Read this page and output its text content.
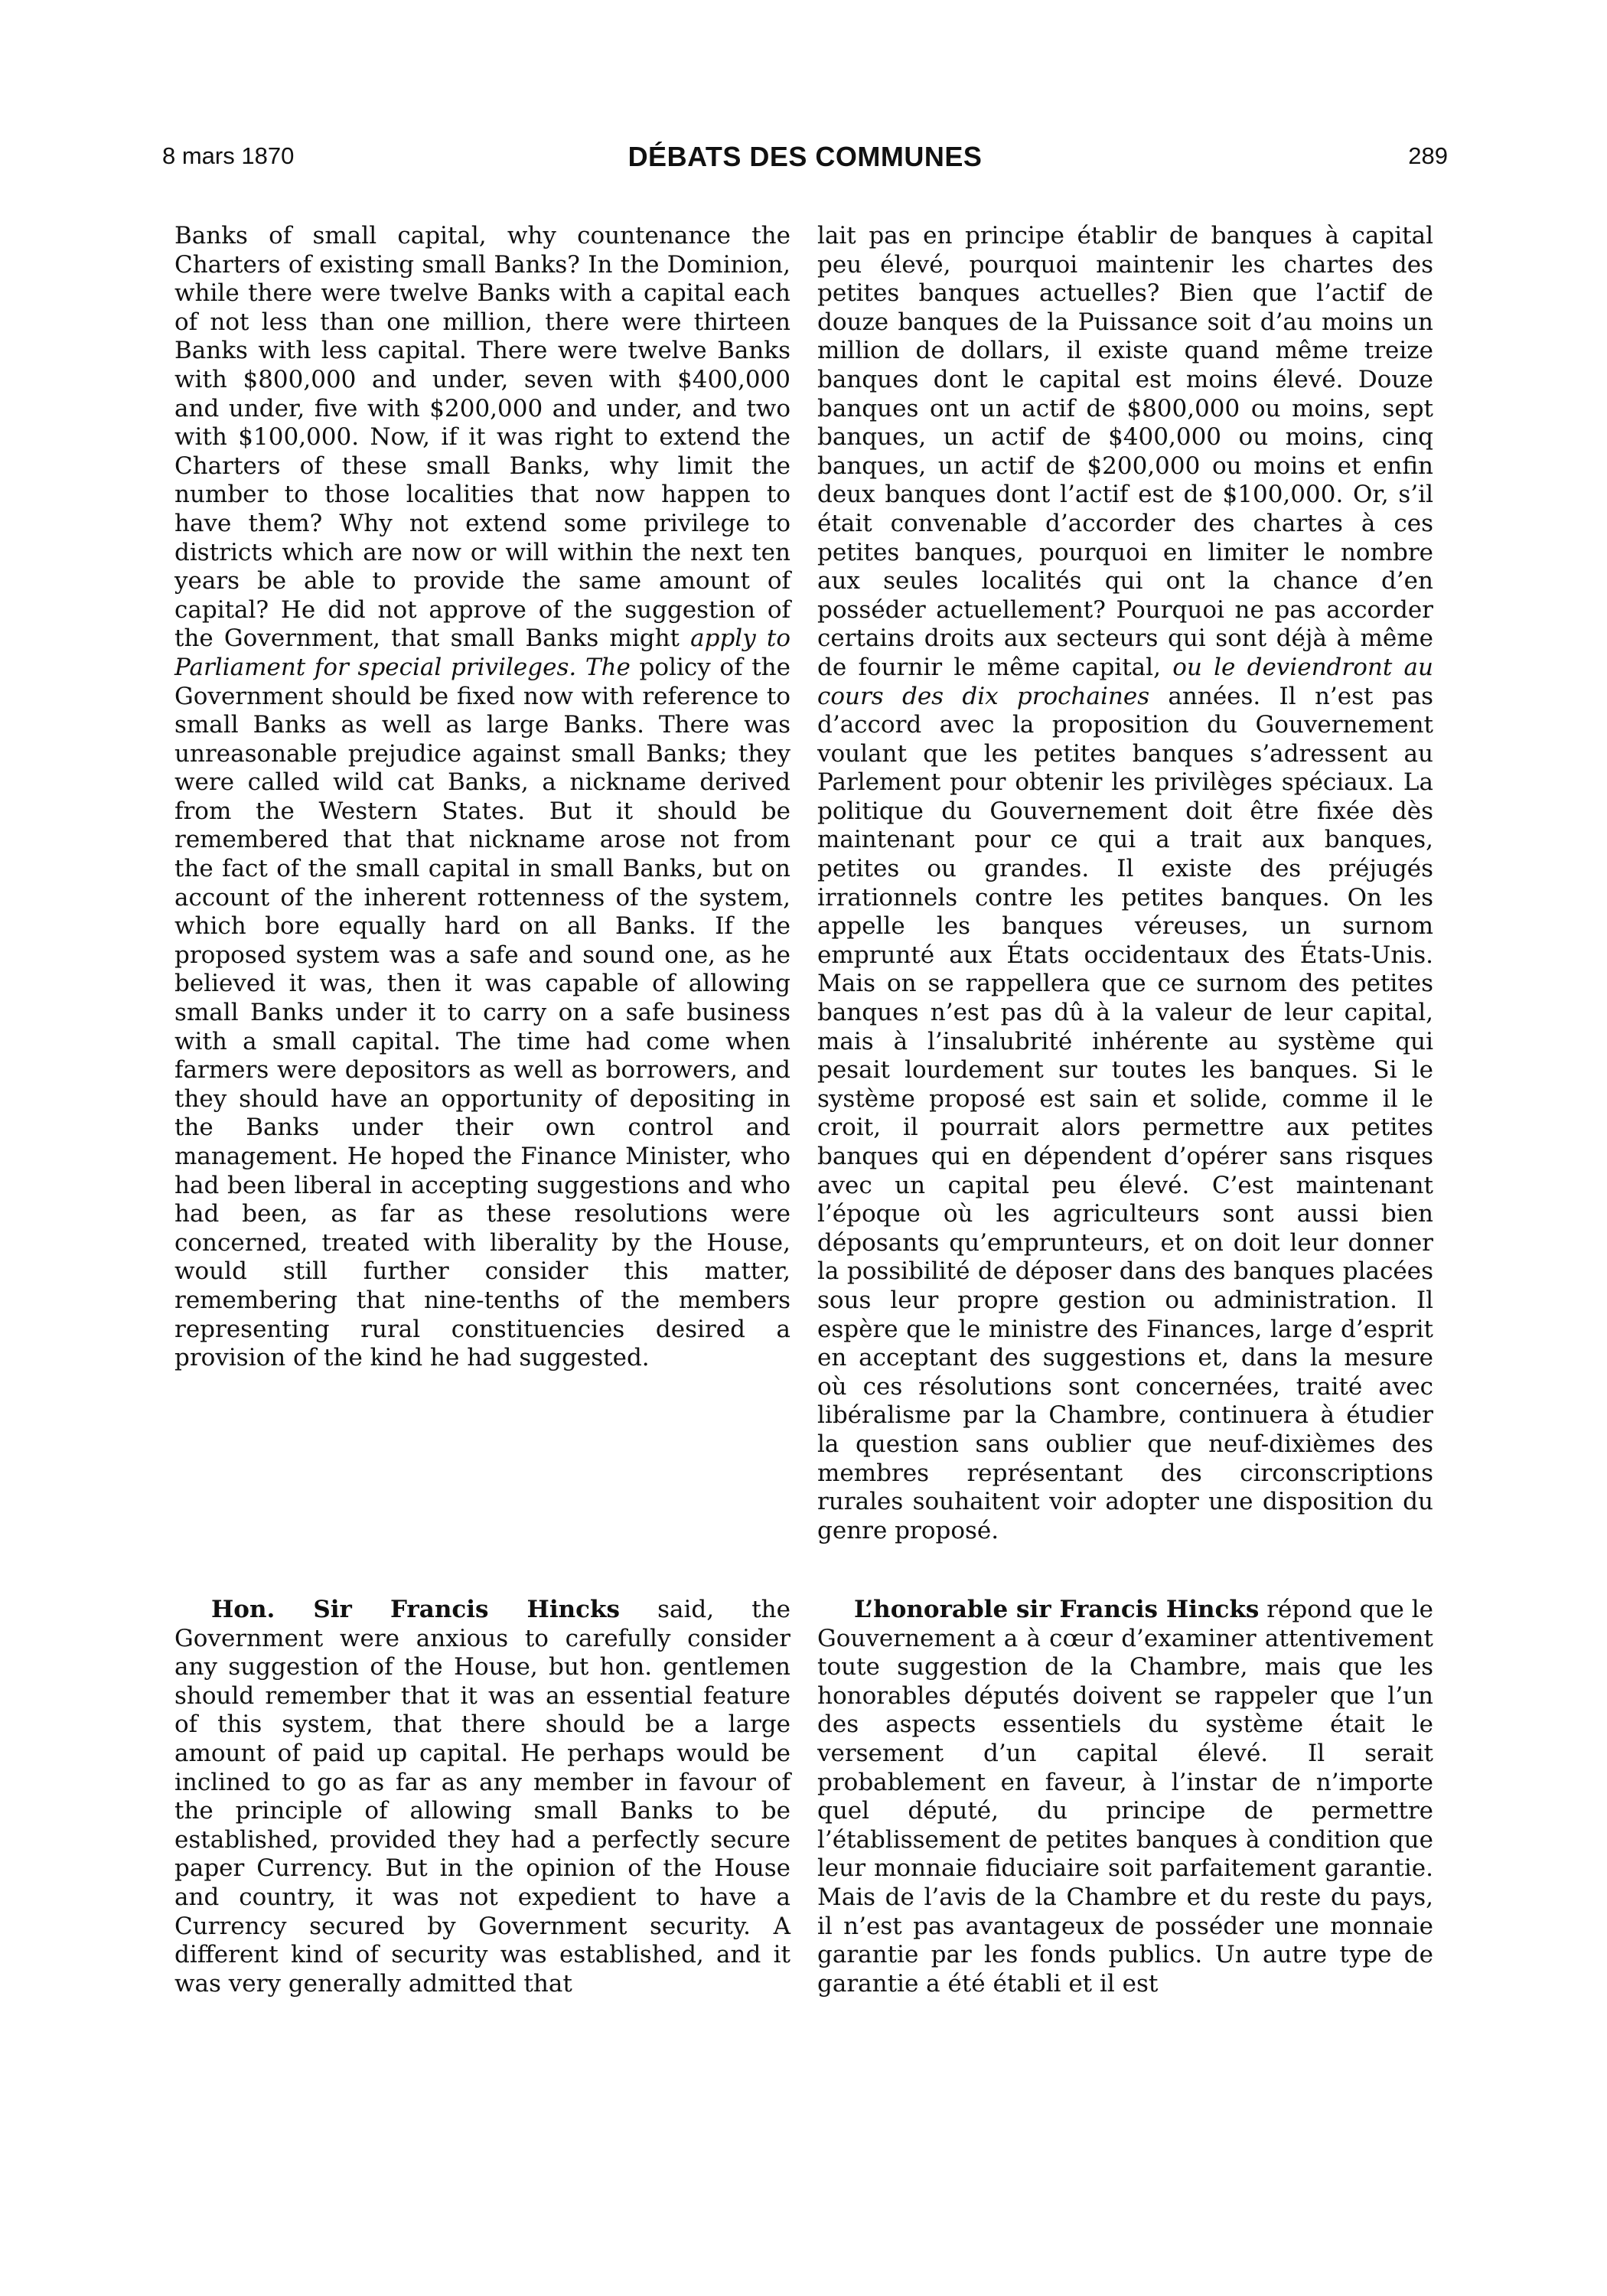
8 mars 1870	DÉBATS DES COMMUNES	289

Banks of small capital, why countenance the Charters of existing small Banks? In the Dominion, while there were twelve Banks with a capital each of not less than one million, there were thirteen Banks with less capital. There were twelve Banks with $800,000 and under, seven with $400,000 and under, five with $200,000 and under, and two with $100,000. Now, if it was right to extend the Charters of these small Banks, why limit the number to those localities that now happen to have them? Why not extend some privilege to districts which are now or will within the next ten years be able to provide the same amount of capital? He did not approve of the suggestion of the Government, that small Banks might apply to Parliament for special privileges. The policy of the Government should be fixed now with reference to small Banks as well as large Banks. There was unreasonable prejudice against small Banks; they were called wild cat Banks, a nickname derived from the Western States. But it should be remembered that that nickname arose not from the fact of the small capital in small Banks, but on account of the inherent rottenness of the system, which bore equally hard on all Banks. If the proposed system was a safe and sound one, as he believed it was, then it was capable of allowing small Banks under it to carry on a safe business with a small capital. The time had come when farmers were depositors as well as borrowers, and they should have an opportunity of depositing in the Banks under their own control and management. He hoped the Finance Minister, who had been liberal in accepting suggestions and who had been, as far as these resolutions were concerned, treated with liberality by the House, would still further consider this matter, remembering that nine-tenths of the members representing rural constituencies desired a provision of the kind he had suggested.

lait pas en principe établir de banques à capital peu élevé, pourquoi maintenir les chartes des petites banques actuelles? Bien que l’actif de douze banques de la Puissance soit d’au moins un million de dollars, il existe quand même treize banques dont le capital est moins élevé. Douze banques ont un actif de $800,000 ou moins, sept banques, un actif de $400,000 ou moins, cinq banques, un actif de $200,000 ou moins et enfin deux banques dont l’actif est de $100,000. Or, s’il était convenable d’accorder des chartes à ces petites banques, pourquoi en limiter le nombre aux seules localités qui ont la chance d’en posséder actuellement? Pourquoi ne pas accorder certains droits aux secteurs qui sont déjà à même de fournir le même capital, ou le deviendront au cours des dix prochaines années. Il n’est pas d’accord avec la proposition du Gouvernement voulant que les petites banques s’adressent au Parlement pour obtenir les privilèges spéciaux. La politique du Gouvernement doit être fixée dès maintenant pour ce qui a trait aux banques, petites ou grandes. Il existe des préjugés irrationnels contre les petites banques. On les appelle les banques véreuses, un surnom emprunté aux États occidentaux des États-Unis. Mais on se rappellera que ce surnom des petites banques n’est pas dû à la valeur de leur capital, mais à l’insalubrité inhérente au système qui pesait lourdement sur toutes les banques. Si le système proposé est sain et solide, comme il le croit, il pourrait alors permettre aux petites banques qui en dépendent d’opérer sans risques avec un capital peu élevé. C’est maintenant l’époque où les agriculteurs sont aussi bien déposants qu’emprunteurs, et on doit leur donner la possibilité de déposer dans des banques placées sous leur propre gestion ou administration. Il espère que le ministre des Finances, large d’esprit en acceptant des suggestions et, dans la mesure où ces résolutions sont concernées, traité avec libéralisme par la Chambre, continuera à étudier la question sans oublier que neuf-dixièmes des membres représentant des circonscriptions rurales souhaitent voir adopter une disposition du genre proposé.

Hon. Sir Francis Hincks said, the Government were anxious to carefully consider any suggestion of the House, but hon. gentlemen should remember that it was an essential feature of this system, that there should be a large amount of paid up capital. He perhaps would be inclined to go as far as any member in favour of the principle of allowing small Banks to be established, provided they had a perfectly secure paper Currency. But in the opinion of the House and country, it was not expedient to have a Currency secured by Government security. A different kind of security was established, and it was very generally admitted that

L’honorable sir Francis Hincks répond que le Gouvernement a à cœur d’examiner attentivement toute suggestion de la Chambre, mais que les honorables députés doivent se rappeler que l’un des aspects essentiels du système était le versement d’un capital élevé. Il serait probablement en faveur, à l’instar de n’importe quel député, du principe de permettre l’établissement de petites banques à condition que leur monnaie fiduciaire soit parfaitement garantie. Mais de l’avis de la Chambre et du reste du pays, il n’est pas avantageux de posséder une monnaie garantie par les fonds publics. Un autre type de garantie a été établi et il est
